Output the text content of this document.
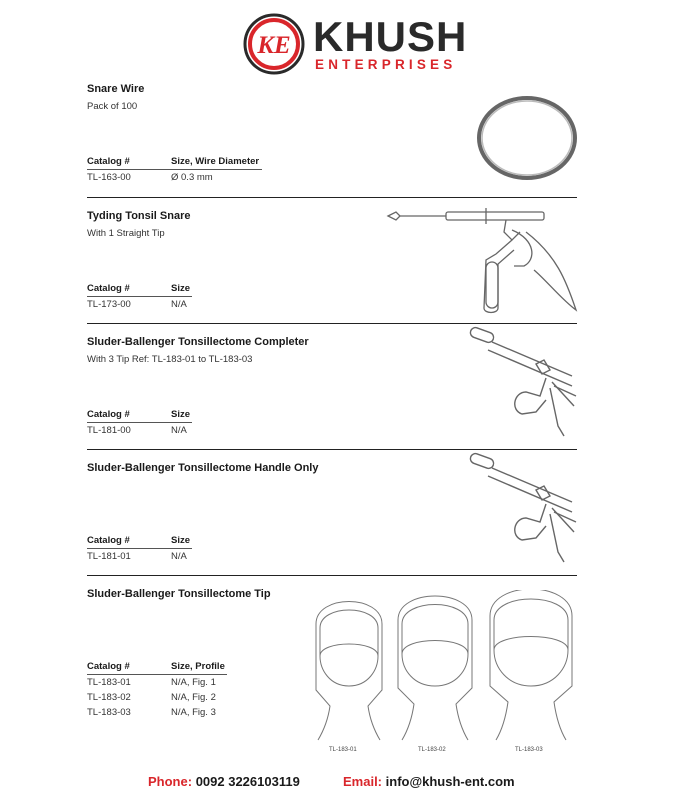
KE KHUSH
ENTERPRISES
Snare Wire
Pack of 100
Catalog #	Size, Wire Diameter
TL-163-00	Ø 0.3 mm
Tyding Tonsil Snare
With 1 Straight Tip
Catalog #	Size
TL-173-00	N/A
Sluder-Ballenger Tonsillectome Completer
With 3 Tip Ref: TL-183-01 to TL-183-03
Catalog #	Size
TL-181-00	N/A
Sluder-Ballenger Tonsillectome Handle Only
Catalog #	Size
TL-181-01	N/A
Sluder-Ballenger Tonsillectome Tip
Catalog #	Size, Profile
TL-183-01	N/A, Fig. 1
TL-183-02	N/A, Fig. 2
TL-183-03	N/A, Fig. 3
TL-183-01	TL-183-02	TL-183-03
Phone: 0092 3226103119	Email: info@khush-ent.com
